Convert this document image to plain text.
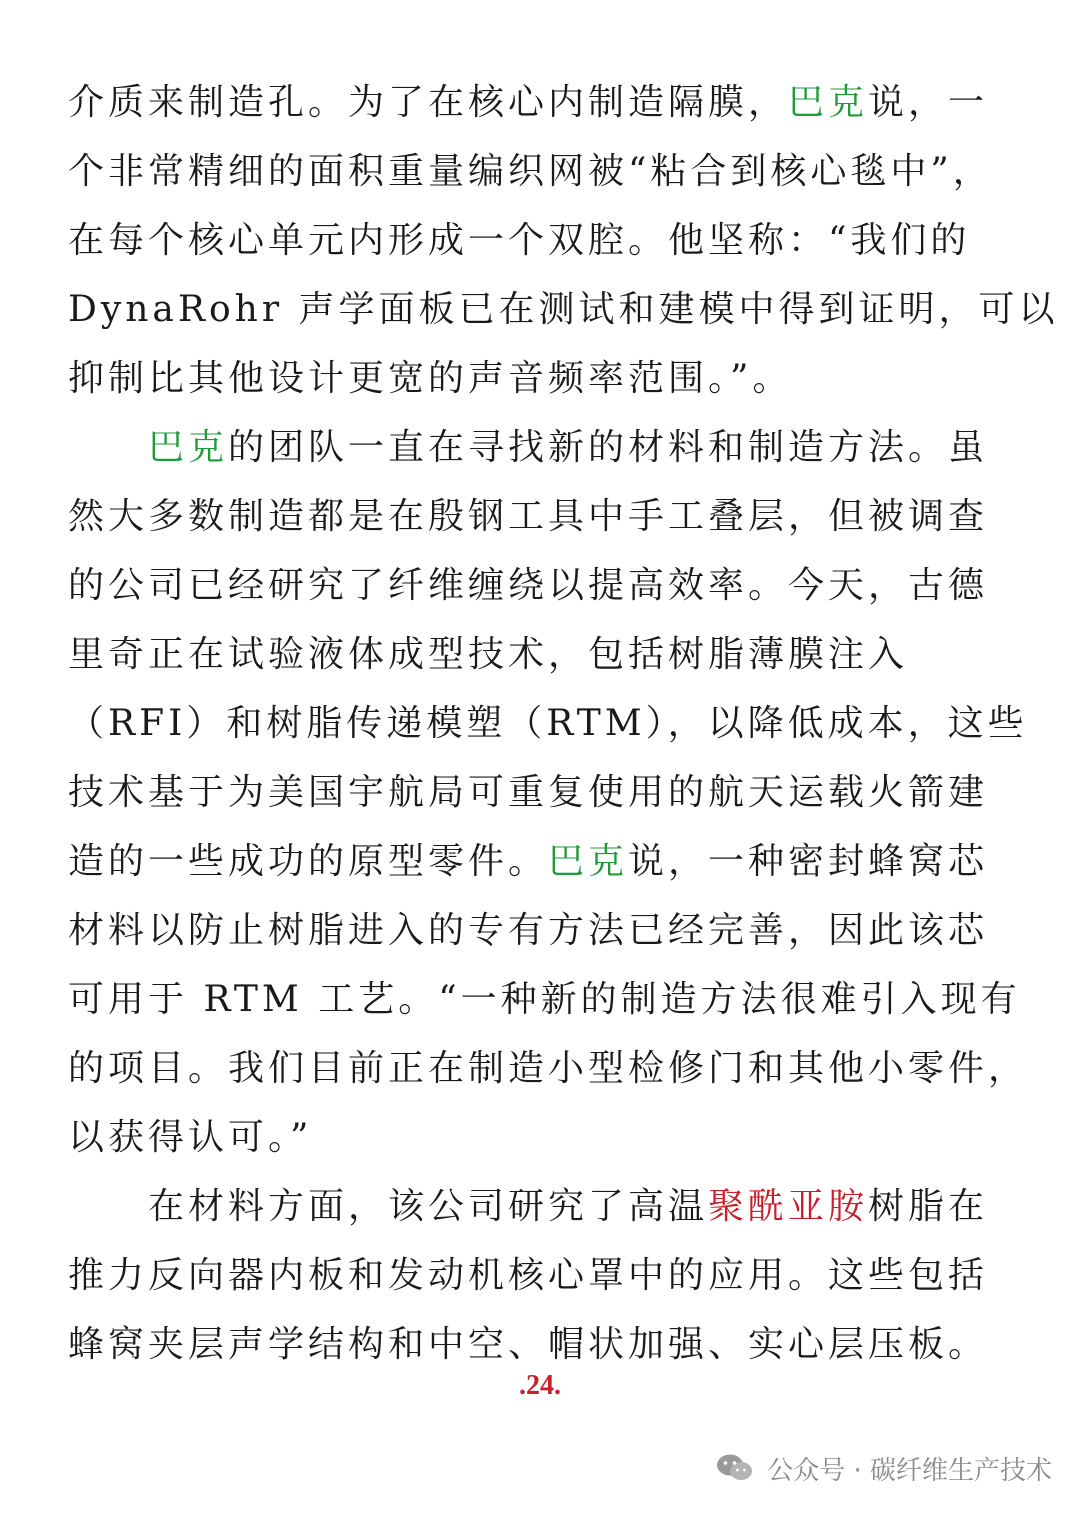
介质来制造孔。为了在核心内制造隔膜，巴克说，一
个非常精细的面积重量编织网被“粘合到核心毯中”，
在每个核心单元内形成一个双腔。他坚称：“我们的
DynaRohr 声学面板已在测试和建模中得到证明，可以
抑制比其他设计更宽的声音频率范围。”。
巴克的团队一直在寻找新的材料和制造方法。虽
然大多数制造都是在殷钢工具中手工叠层，但被调查
的公司已经研究了纤维缠绕以提高效率。今天，古德
里奇正在试验液体成型技术，包括树脂薄膜注入
（RFI）和树脂传递模塑（RTM），以降低成本，这些
技术基于为美国宇航局可重复使用的航天运载火箭建
造的一些成功的原型零件。巴克说，一种密封蜂窝芯
材料以防止树脂进入的专有方法已经完善，因此该芯
可用于 RTM 工艺。“一种新的制造方法很难引入现有
的项目。我们目前正在制造小型检修门和其他小零件，
以获得认可。”
在材料方面，该公司研究了高温聚酰亚胺树脂在
推力反向器内板和发动机核心罩中的应用。这些包括
蜂窝夹层声学结构和中空、帽状加强、实心层压板。
.24.
公众号 · 碳纤维生产技术
